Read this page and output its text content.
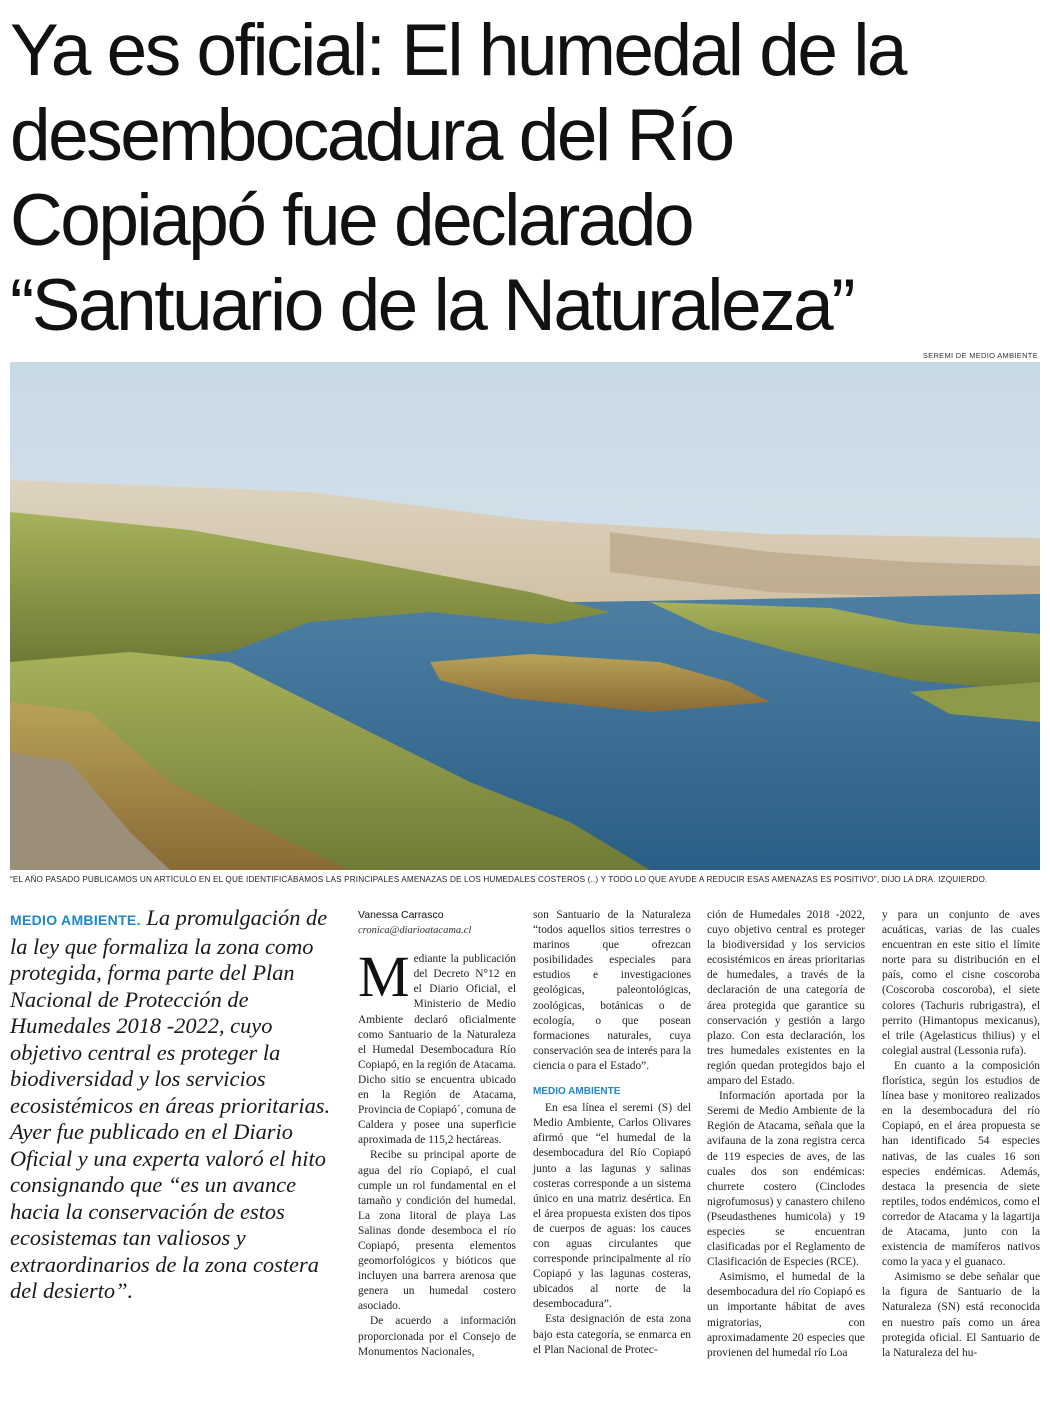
Ya es oficial: El humedal de la
desembocadura del Río
Copiapó fue declarado
“Santuario de la Naturaleza”
SEREMI DE MEDIO AMBIENTE
“EL AÑO PASADO PUBLICAMOS UN ARTÍCULO EN EL QUE IDENTIFICÁBAMOS LAS PRINCIPALES AMENAZAS DE LOS HUMEDALES COSTEROS (..) Y TODO LO QUE AYUDE A REDUCIR ESAS AMENAZAS ES POSITIVO”, DIJO LA DRA. IZQUIERDO.
MEDIO AMBIENTE. La promulgación de la ley que formaliza la zona como protegida, forma parte del Plan Nacional de Protección de Humedales 2018 -2022, cuyo objetivo central es proteger la biodiversidad y los servicios ecosistémicos en áreas prioritarias. Ayer fue publicado en el Diario Oficial y una experta valoró el hito consignando que “es un avance hacia la conservación de estos ecosistemas tan valiosos y extraordinarios de la zona costera del desierto”.
Vanessa Carrasco
cronica@diarioatacama.cl

Mediante la publicación del Decreto N°12 en el Diario Oficial, el Ministerio de Medio Ambiente declaró oficialmente como Santuario de la Naturaleza el Humedal Desembocadura Río Copiapó, en la región de Atacama. Dicho sitio se encuentra ubicado en la Región de Atacama, Provincia de Copiapó´, comuna de Caldera y posee una superficie aproximada de 115,2 hectáreas.

Recibe su principal aporte de agua del río Copiapó, el cual cumple un rol fundamental en el tamaño y condición del humedal. La zona litoral de playa Las Salinas donde desemboca el río Copiapó, presenta elementos geomorfológicos y bióticos que incluyen una barrera arenosa que genera un humedal costero asociado.

De acuerdo a información proporcionada por el Consejo de Monumentos Nacionales,

son Santuario de la Naturaleza “todos aquellos sitios terrestres o marinos que ofrezcan posibilidades especiales para estudios e investigaciones geológicas, paleontológicas, zoológicas, botánicas o de ecología, o que posean formaciones naturales, cuya conservación sea de interés para la ciencia o para el Estado”.

MEDIO AMBIENTE

En esa línea el seremi (S) del Medio Ambiente, Carlos Olivares afirmó que “el humedal de la desembocadura del Río Copiapó junto a las lagunas y salinas costeras corresponde a un sistema único en una matriz desértica. En el área propuesta existen dos tipos de cuerpos de aguas: los cauces con aguas circulantes que corresponde principalmente al río Copiapó y las lagunas costeras, ubicados al norte de la desembocadura”.

Esta designación de esta zona bajo esta categoría, se enmarca en el Plan Nacional de Protec-

ción de Humedales 2018 -2022, cuyo objetivo central es proteger la biodiversidad y los servicios ecosistémicos en áreas prioritarias de humedales, a través de la declaración de una categoría de área protegida que garantice su conservación y gestión a largo plazo. Con esta declaración, los tres humedales existentes en la región quedan protegidos bajo el amparo del Estado.

Información aportada por la Seremi de Medio Ambiente de la Región de Atacama, señala que la avifauna de la zona registra cerca de 119 especies de aves, de las cuales dos son endémicas: churrete costero (Cinclodes nigrofumosus) y canastero chileno (Pseudasthenes humicola) y 19 especies se encuentran clasificadas por el Reglamento de Clasificación de Especies (RCE).

Asimismo, el humedal de la desembocadura del río Copiapó es un importante hábitat de aves migratorias, con aproximadamente 20 especies que provienen del humedal río Loa

y para un conjunto de aves acuáticas, varias de las cuales encuentran en este sitio el límite norte para su distribución en el país, como el cisne coscoroba (Coscoroba coscoroba), el siete colores (Tachuris rubrigastra), el perrito (Himantopus mexicanus), el trile (Agelasticus thilius) y el colegial austral (Lessonia rufa).

En cuanto a la composición florística, según los estudios de línea base y monitoreo realizados en la desembocadura del río Copiapó, en el área propuesta se han identificado 54 especies nativas, de las cuales 16 son especies endémicas. Además, destaca la presencia de siete reptiles, todos endémicos, como el corredor de Atacama y la lagartija de Atacama, junto con la existencia de mamíferos nativos como la yaca y el guanaco.

Asimismo se debe señalar que la figura de Santuario de la Naturaleza (SN) está reconocida en nuestro país como un área protegida oficial. El Santuario de la Naturaleza del hu-
